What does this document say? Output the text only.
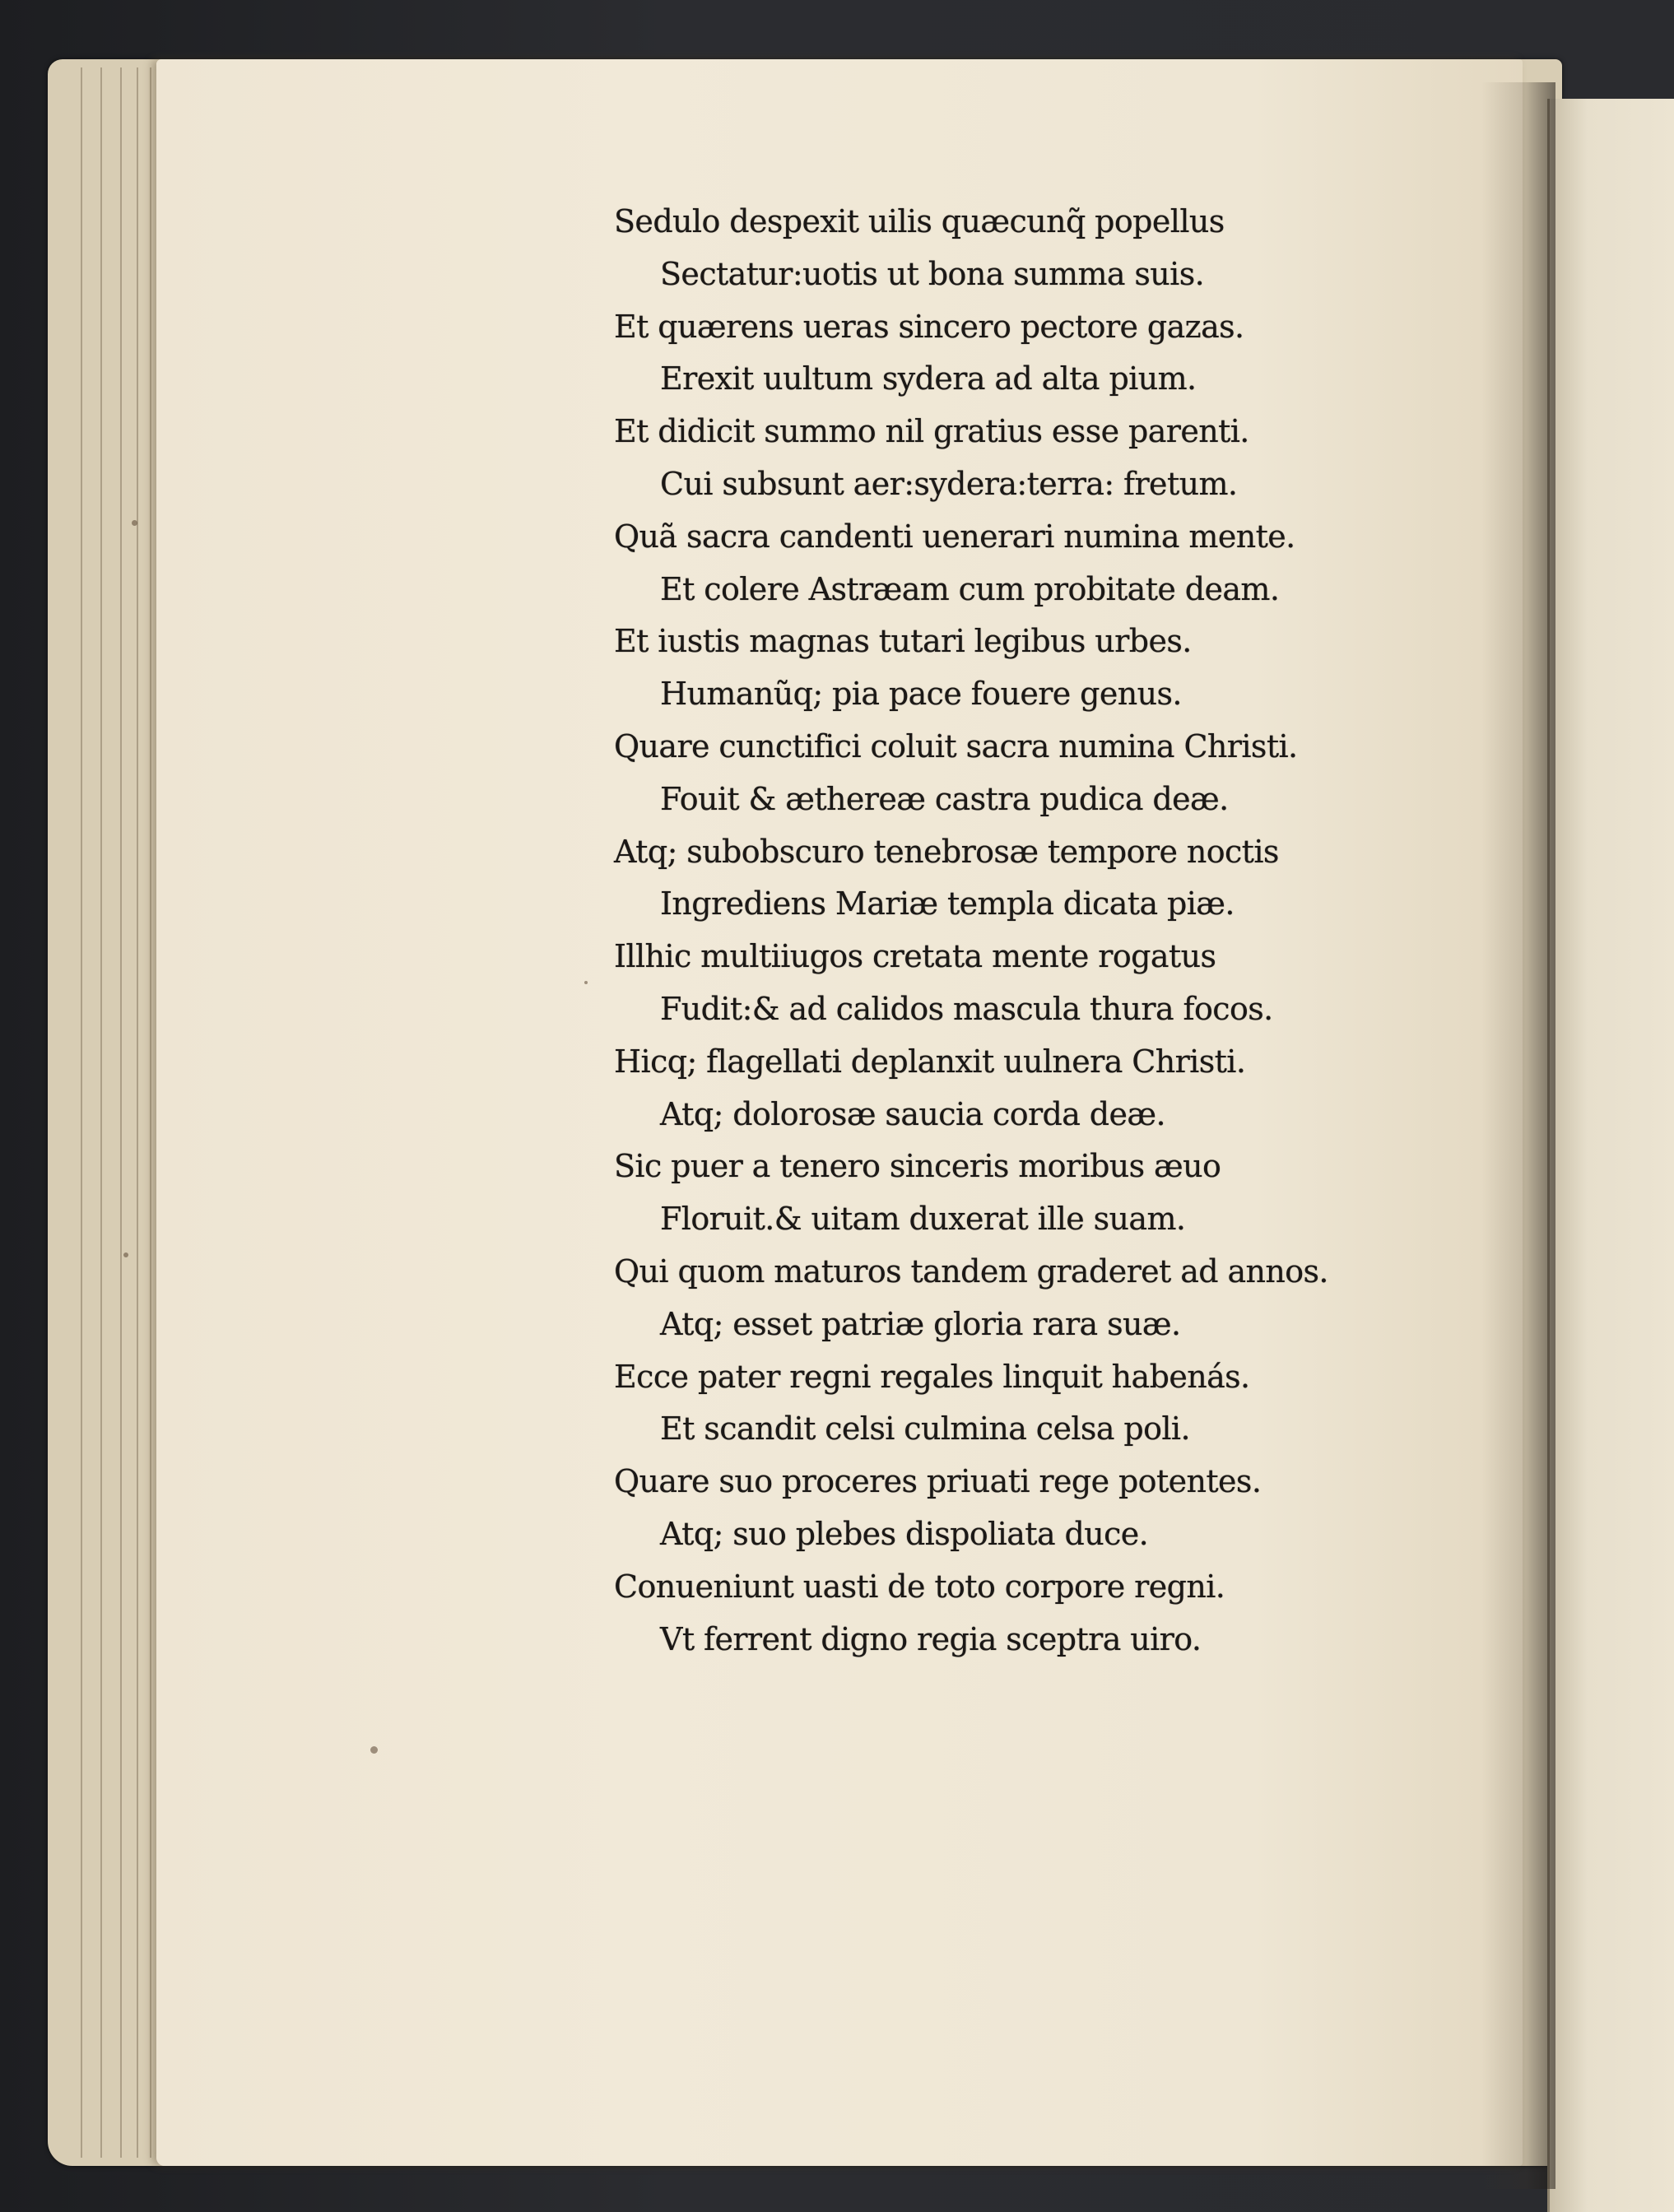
Sedulo despexit uilis quæcunq̃ popellus
Sectatur:uotis ut bona summa suis.
Et quærens ueras sincero pectore gazas.
Erexit uultum sydera ad alta pium.
Et didicit summo nil gratius esse parenti.
Cui subsunt aer:sydera:terra: fretum.
Quã sacra candenti uenerari numina mente.
Et colere Astræam cum probitate deam.
Et iustis magnas tutari legibus urbes.
Humanũq; pia pace fouere genus.
Quare cunctifici coluit sacra numina Christi.
Fouit & æthereæ castra pudica deæ.
Atq; subobscuro tenebrosæ tempore noctis
Ingrediens Mariæ templa dicata piæ.
Illhic multiiugos cretata mente rogatus
Fudit:& ad calidos mascula thura focos.
Hicq; flagellati deplanxit uulnera Christi.
Atq; dolorosæ saucia corda deæ.
Sic puer a tenero sinceris moribus æuo
Floruit.& uitam duxerat ille suam.
Qui quom maturos tandem graderet ad annos.
Atq; esset patriæ gloria rara suæ.
Ecce pater regni regales linquit habenás.
Et scandit celsi culmina celsa poli.
Quare suo proceres priuati rege potentes.
Atq; suo plebes dispoliata duce.
Conueniunt uasti de toto corpore regni.
Vt ferrent digno regia sceptra uiro.
